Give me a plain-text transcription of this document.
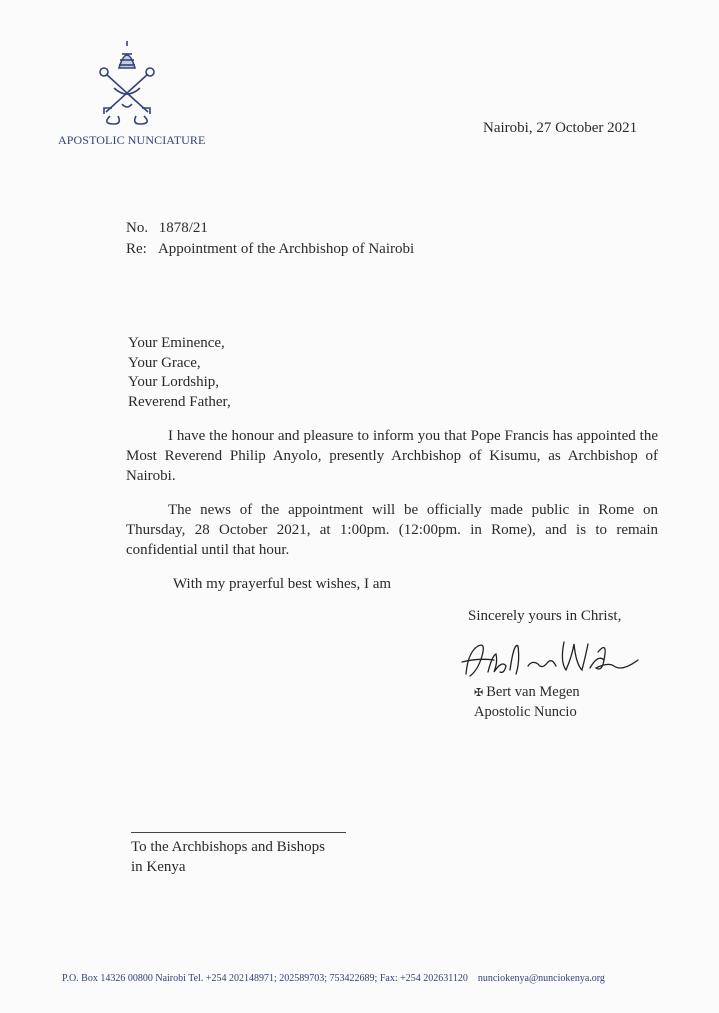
APOSTOLIC NUNCIATURE
Nairobi, 27 October 2021
No. 1878/21
Re: Appointment of the Archbishop of Nairobi
Your Eminence,
Your Grace,
Your Lordship,
Reverend Father,
I have the honour and pleasure to inform you that Pope Francis has appointed the Most Reverend Philip Anyolo, presently Archbishop of Kisumu, as Archbishop of Nairobi.
The news of the appointment will be officially made public in Rome on Thursday, 28 October 2021, at 1:00pm. (12:00pm. in Rome), and is to remain confidential until that hour.
With my prayerful best wishes, I am
Sincerely yours in Christ,
✠ Bert van Megen
Apostolic Nuncio
To the Archbishops and Bishops
in Kenya
P.O. Box 14326 00800 Nairobi Tel. +254 202148971; 202589703; 753422689; Fax: +254 202631120 nunciokenya@nunciokenya.org
